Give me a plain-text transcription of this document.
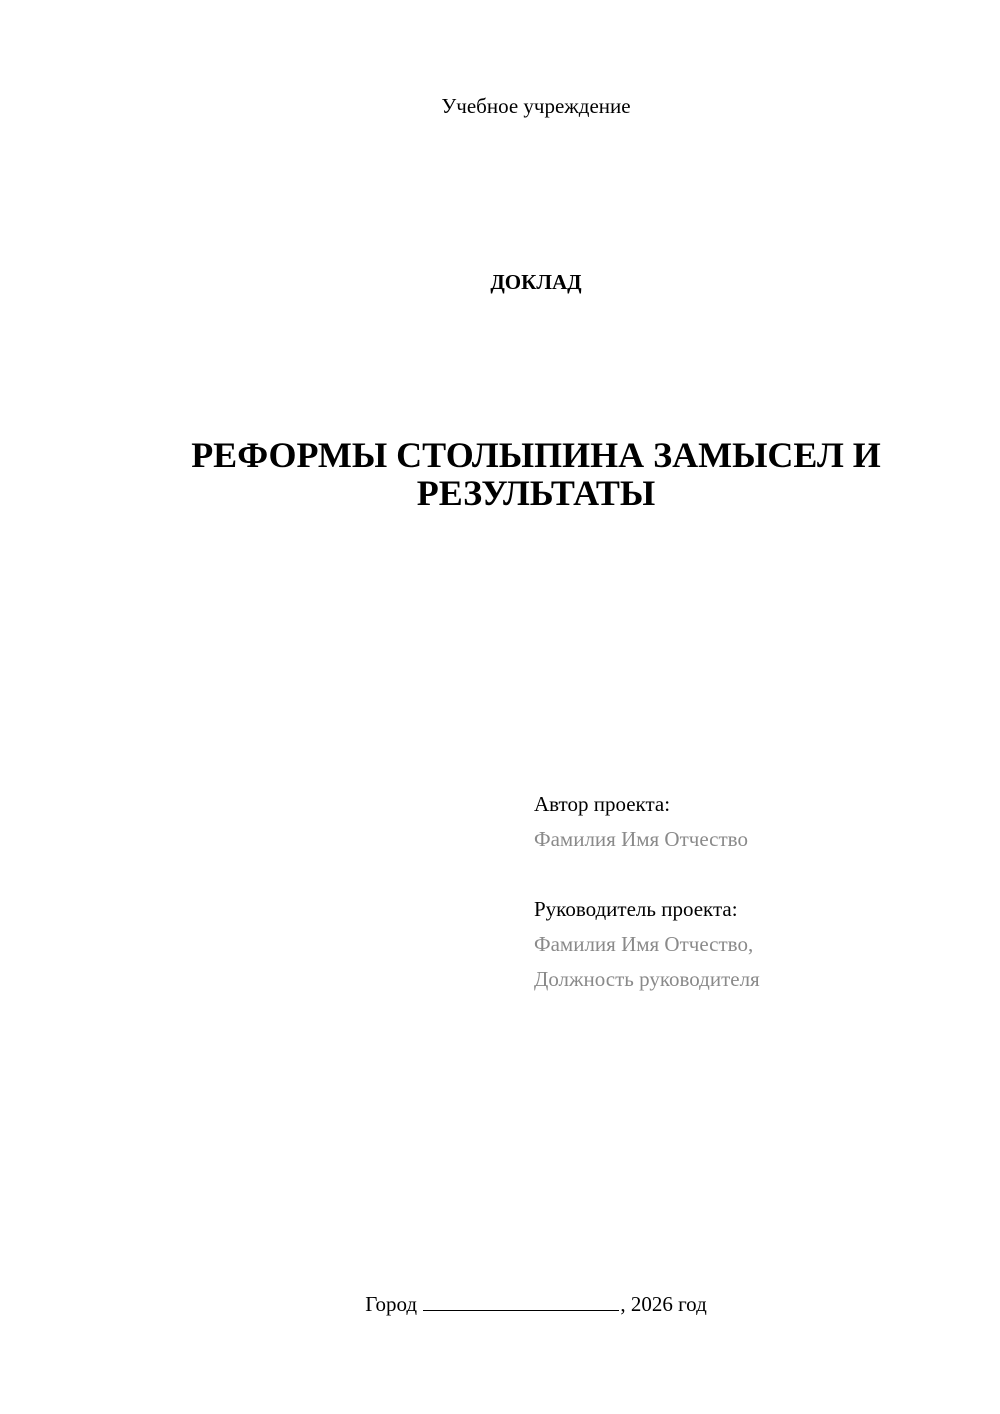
Учебное учреждение
ДОКЛАД
РЕФОРМЫ СТОЛЫПИНА ЗАМЫСЕЛ И РЕЗУЛЬТАТЫ
Автор проекта:
Фамилия Имя Отчество
Руководитель проекта:
Фамилия Имя Отчество,
Должность руководителя
Город	, 2026 год
